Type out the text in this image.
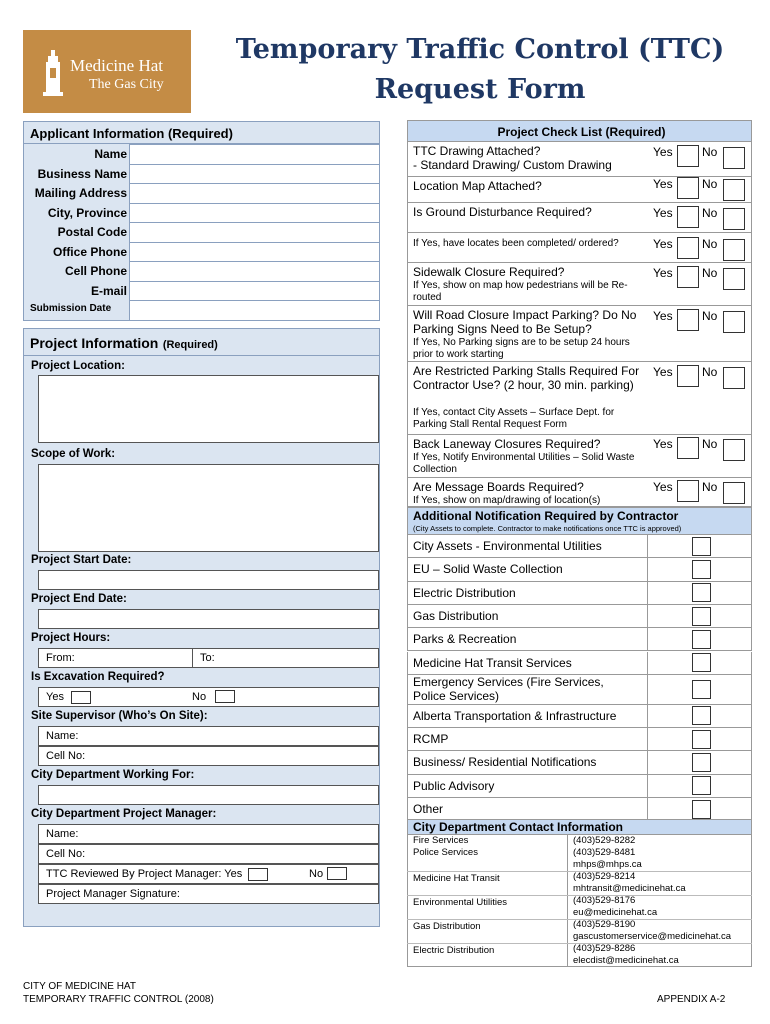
Medicine Hat
The Gas City
Temporary Traffic Control (TTC)
Request Form
Applicant Information (Required)
Name
Business Name
Mailing Address
City, Province
Postal Code
Office Phone
Cell Phone
E-mail
Submission Date
Project Information (Required)
Project Location:
Scope of Work:
Project Start Date:
Project End Date:
Project Hours:
From:	To:
Is Excavation Required?
Yes	No
Site Supervisor (Who’s On Site):
Name:
Cell No:
City Department Working For:
City Department Project Manager:
Name:
Cell No:
TTC Reviewed By Project Manager: Yes	No
Project Manager Signature:
Project Check List (Required)
TTC Drawing Attached?
- Standard Drawing/ Custom Drawing
Yes No
Location Map Attached?	Yes No
Is Ground Disturbance Required?	Yes No
If Yes, have locates been completed/ ordered?	Yes No
Sidewalk Closure Required?
If Yes, show on map how pedestrians will be Re-routed
Yes No
Will Road Closure Impact Parking? Do No Parking Signs Need to Be Setup?
If Yes, No Parking signs are to be setup 24 hours prior to work starting
Yes No
Are Restricted Parking Stalls Required For Contractor Use? (2 hour, 30 min. parking)
If Yes, contact City Assets – Surface Dept. for Parking Stall Rental Request Form
Yes No
Back Laneway Closures Required?
If Yes, Notify Environmental Utilities – Solid Waste Collection
Yes No
Are Message Boards Required?
If Yes, show on map/drawing of location(s)
Yes No
Additional Notification Required by Contractor
(City Assets to complete. Contractor to make notifications once TTC is approved)
City Assets - Environmental Utilities
EU – Solid Waste Collection
Electric Distribution
Gas Distribution
Parks & Recreation
Medicine Hat Transit Services
Emergency Services (Fire Services, Police Services)
Alberta Transportation & Infrastructure
RCMP
Business/ Residential Notifications
Public Advisory
Other
City Department Contact Information
Fire Services	(403)529-8282
Police Services	(403)529-8481
mhps@mhps.ca
Medicine Hat Transit	(403)529-8214
mhtransit@medicinehat.ca
Environmental Utilities	(403)529-8176
eu@medicinehat.ca
Gas Distribution	(403)529-8190
gascustomerservice@medicinehat.ca
Electric Distribution	(403)529-8286
elecdist@medicinehat.ca
CITY OF MEDICINE HAT
TEMPORARY TRAFFIC CONTROL (2008)	APPENDIX A-2
